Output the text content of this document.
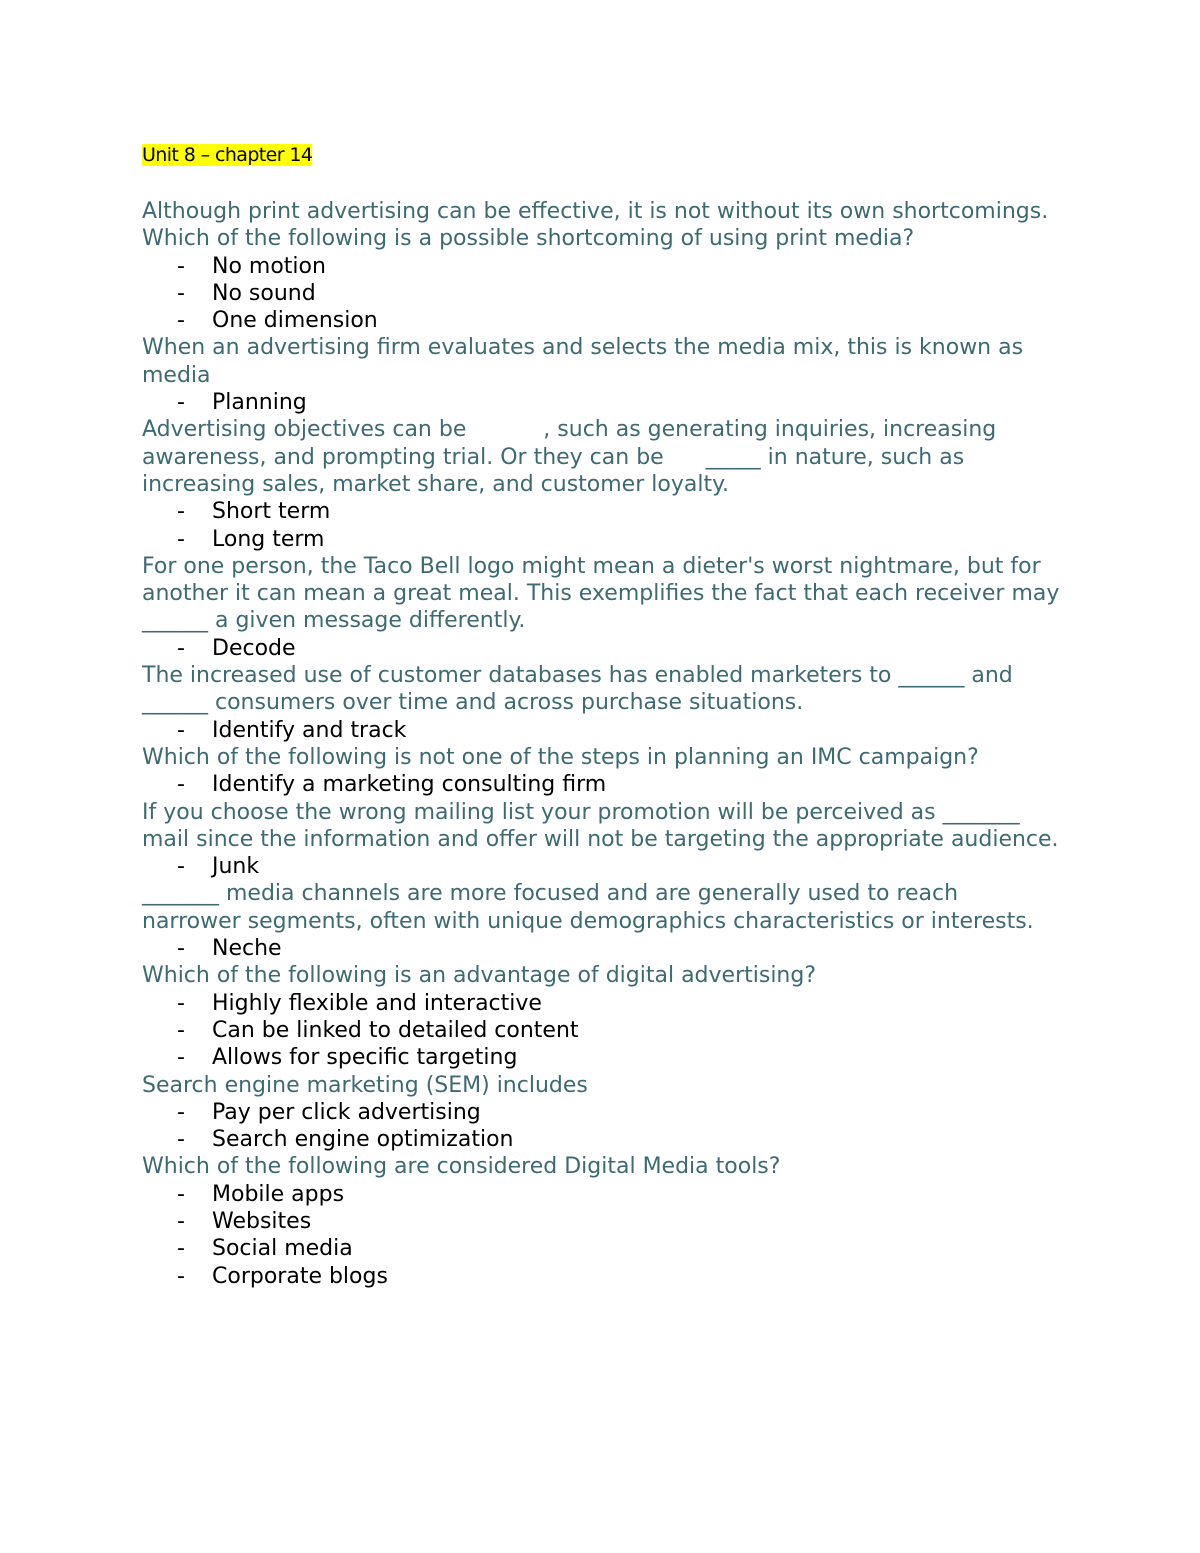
Unit 8 – chapter 14

Although print advertising can be effective, it is not without its own shortcomings. Which of the following is a possible shortcoming of using print media?

- No motion
- No sound
- One dimension

When an advertising firm evaluates and selects the media mix, this is known as media

- Planning

Advertising objectives can be           , such as generating inquiries, increasing awareness, and prompting trial. Or they can be      _____ in nature, such as increasing sales, market share, and customer loyalty.

- Short term
- Long term

For one person, the Taco Bell logo might mean a dieter's worst nightmare, but for another it can mean a great meal. This exemplifies the fact that each receiver may ______ a given message differently.

- Decode

The increased use of customer databases has enabled marketers to ______ and ______ consumers over time and across purchase situations.

- Identify and track

Which of the following is not one of the steps in planning an IMC campaign?

- Identify a marketing consulting firm

If you choose the wrong mailing list your promotion will be perceived as _______ mail since the information and offer will not be targeting the appropriate audience.

- Junk

_______ media channels are more focused and are generally used to reach narrower segments, often with unique demographics characteristics or interests.

- Neche

Which of the following is an advantage of digital advertising?

- Highly flexible and interactive
- Can be linked to detailed content
- Allows for specific targeting

Search engine marketing (SEM) includes

- Pay per click advertising
- Search engine optimization

Which of the following are considered Digital Media tools?

- Mobile apps
- Websites
- Social media
- Corporate blogs
